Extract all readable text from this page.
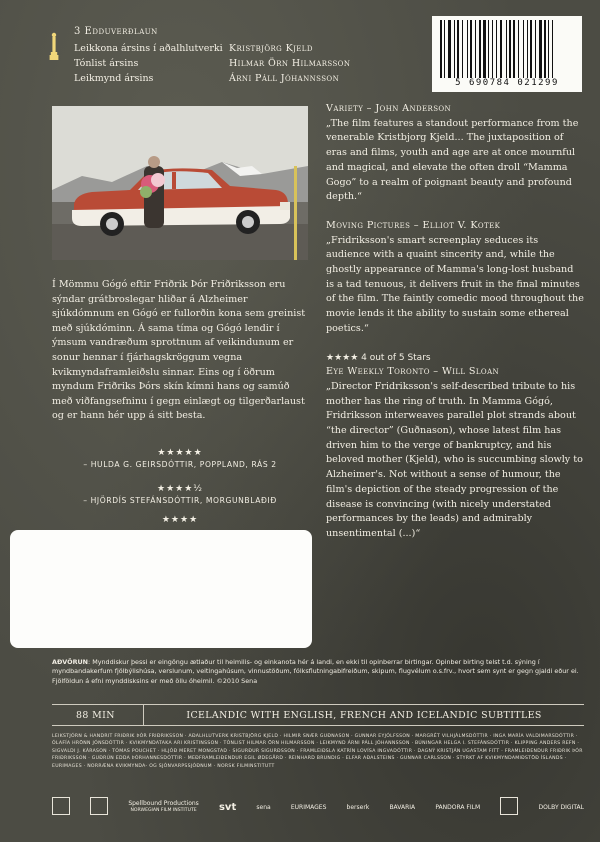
3 Edduverðlaun
Leikkona ársins í aðalhlutverki Kristbjörg Kjeld
Tónlist ársins	Hilmar Örn Hilmarsson
Leikmynd ársins	Árni Páll Jóhannsson	5 690784 021299
Í Mömmu Gógó eftir Friðrik Þór Friðriksson eru sýndar grátbroslegar hliðar á Alzheimer sjúkdómnum en Gógó er fullorðin kona sem greinist með sjúkdóminn. Á sama tíma og Gógó lendir í ýmsum vandræðum sprottnum af veikindunum er sonur hennar í fjárhagskröggum vegna kvikmyndaframleiðslu sinnar. Eins og í öðrum myndum Friðriks Þórs skín kímni hans og samúð með viðfangsefninu í gegn einlægt og tilgerðarlaust og er hann hér upp á sitt besta.
★★★★★
– HULDA G. GEIRSDÓTTIR, POPPLAND, RÁS 2
★★★★½
– HJÖRDÍS STEFÁNSDÓTTIR, MORGUNBLAÐIÐ
★★★★
Variety – John Anderson
„The film features a standout performance from the venerable Kristbjorg Kjeld... The juxtaposition of eras and films, youth and age are at once mournful and magical, and elevate the often droll “Mamma Gogo” to a realm of poignant beauty and profound depth.“
Moving Pictures – Elliot V. Kotek
„Fridriksson's smart screenplay seduces its audience with a quaint sincerity and, while the ghostly appearance of Mamma's long-lost husband is a tad tenuous, it delivers fruit in the final minutes of the film. The faintly comedic mood throughout the movie lends it the ability to sustain some ethereal poetics.“
★★★★ 4 out of 5 Stars
Eye Weekly Toronto – Will Sloan
„Director Fridriksson's self-described tribute to his mother has the ring of truth. In Mamma Gógó, Fridriksson interweaves parallel plot strands about “the director” (Guðnason), whose latest film has driven him to the verge of bankruptcy, and his beloved mother (Kjeld), who is succumbing slowly to Alzheimer's. Not without a sense of humour, the film's depiction of the steady progression of the disease is convincing (with nicely understated performances by the leads) and admirably unsentimental (...)“
AÐVÖRUN: Mynddiskur þessi er eingöngu ætlaður til heimilis- og einkanota hér á landi, en ekki til opinberrar birtingar. Opinber birting telst t.d. sýning í myndbandakerfum fjölbýlishúsa, verslunum, veitingahúsum, vinnustöðum, fólksflutningabifreiðum, skipum, flugvélum o.s.frv., hvort sem synt er gegn gjaldi eður ei. Fjölföldun á efni mynddisksins er með öllu óheimil. ©2010 Sena
88 MIN	ICELANDIC WITH ENGLISH, FRENCH AND ICELANDIC SUBTITLES
LEIKSTJÓRN & HANDRIT FRIÐRIK ÞÓR FRIÐRIKSSON · AÐALHLUTVERK KRISTBJÖRG KJELD · HILMIR SNÆR GUÐNASON · GUNNAR EYJÓLFSSON · MARGRÉT VILHJÁLMSDÓTTIR · INGA MARÍA VALDIMARSDÓTTIR · ÓLAFÍA HRÖNN JÓNSDÓTTIR · KVIKMYNDATAKA ARI KRISTINSSON · TÓNLIST HILMAR ÖRN HILMARSSON · LEIKMYND ÁRNI PÁLL JÓHANNSSON · BÚNINGAR HELGA I. STEFÁNSDÓTTIR · KLIPPING ANDERS REFN · SIGVALDI J. KÁRASON · TÓMAS POUCHET · HLJÓÐ MERET MONGSTAD · SIGURÐUR SIGURÐSSON · FRAMLEIÐSLA KATRÍN LOVÍSA INGVADÓTTIR · DAGNÝ KRISTJÁN UGASTAM FITT · FRAMLEIÐENDUR FRIÐRIK ÞÓR FRIÐRIKSSON · GUÐRÚN EDDA ÞÓRHANNESDÓTTIR · MEÐFRAMLEIÐENDUR EGIL ØDEGÅRD · REINHARD BRUNDIG · ELFAR AÐALSTEINS · GUNNAR CARLSSON · STYRKT AF KVIKMYNDAMIÐSTÖÐ ÍSLANDS · EURIMAGES · NORRÆNA KVIKMYNDA- OG SJÓNVARPSSJÓÐNUM · NORSK FILMINSTITUTT
Spellbound Productions
NORWEGIAN FILM INSTITUTE svt	sena	EURIMAGES	berserk	BAVARIA	PANDORA FILM	DOLBY DIGITAL
